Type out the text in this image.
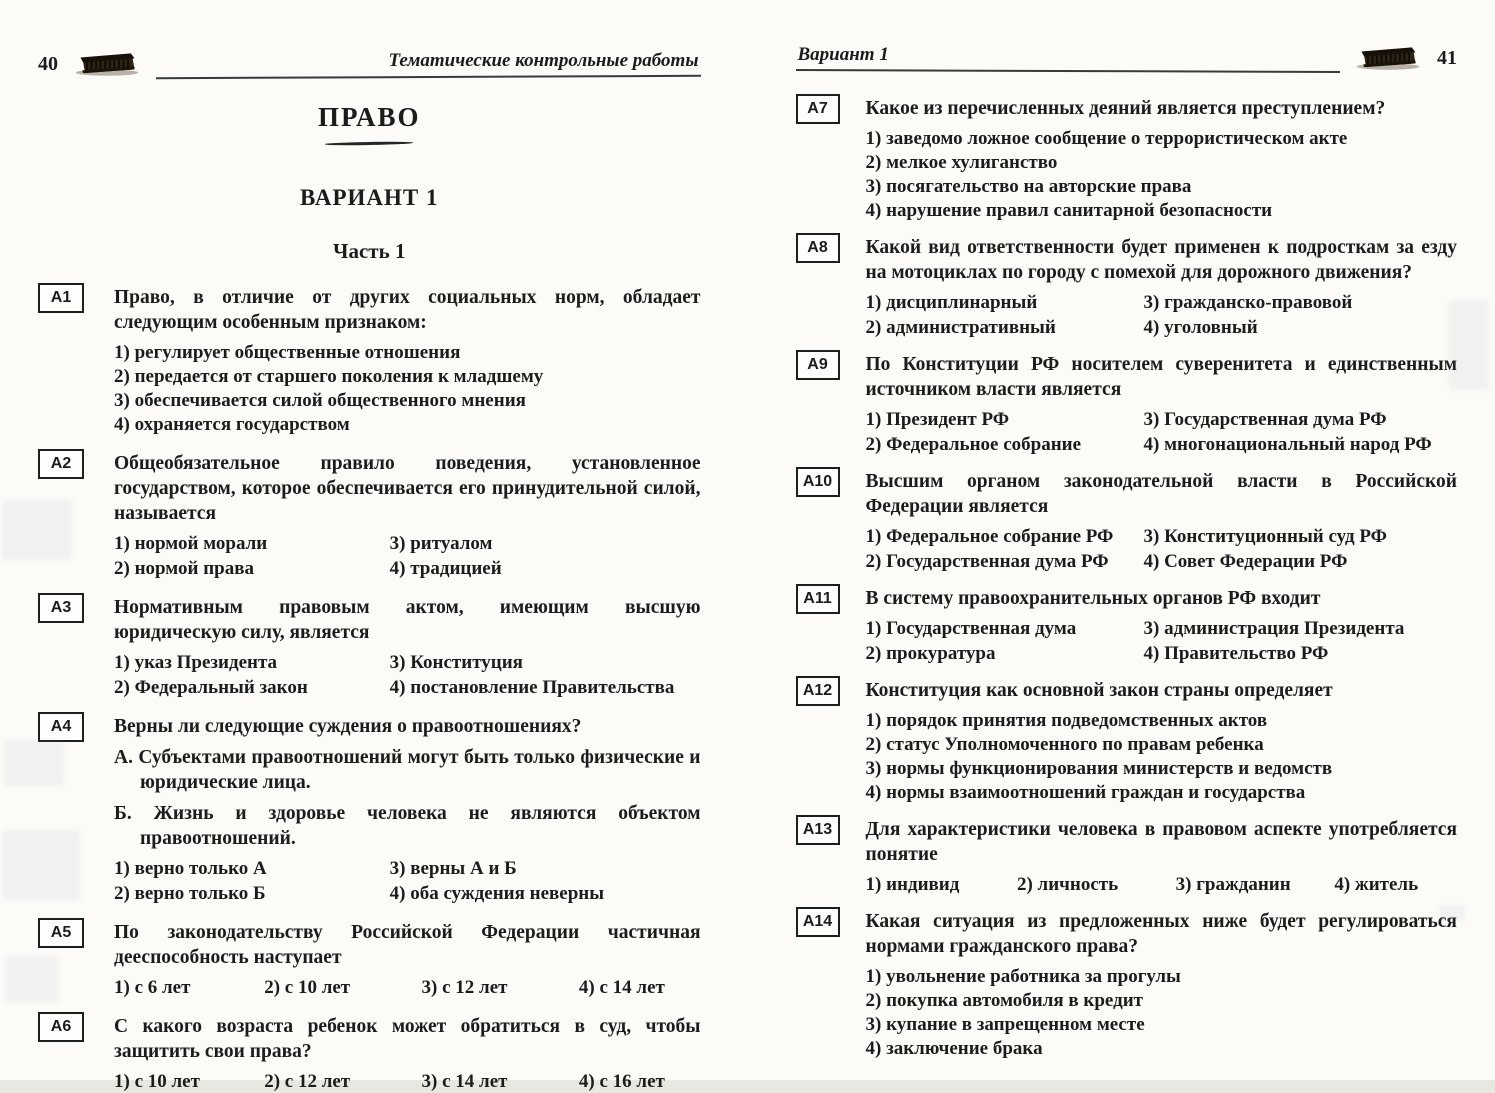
40	Тематические контрольные работы
ПРАВО
ВАРИАНТ 1
Часть 1
А1	Право, в отличие от других социальных норм, обладает следующим особенным признаком:

1) регулирует общественные отношения
2) передается от старшего поколения к младшему
3) обеспечивается силой общественного мнения
4) охраняется государством
А2	Общеобязательное правило поведения, установленное государством, которое обеспечивается его принудительной силой, называется

1) нормой морали
2) нормой права
3) ритуалом
4) традицией
А3	Нормативным правовым актом, имеющим высшую юридическую силу, является

1) указ Президента
2) Федеральный закон
3) Конституция
4) постановление Правительства
А4	Верны ли следующие суждения о правоотношениях?

А. Субъектами правоотношений могут быть только физические и юридические лица.

Б. Жизнь и здоровье человека не являются объектом правоотношений.

1) верно только А
2) верно только Б
3) верны А и Б
4) оба суждения неверны
А5	По законодательству Российской Федерации частичная дееспособность наступает

1) с 6 лет	2) с 10 лет	3) с 12 лет	4) с 14 лет
А6	С какого возраста ребенок может обратиться в суд, чтобы защитить свои права?

1) с 10 лет	2) с 12 лет	3) с 14 лет	4) с 16 лет
Вариант 1	41
А7	Какое из перечисленных деяний является преступлением?

1) заведомо ложное сообщение о террористическом акте
2) мелкое хулиганство
3) посягательство на авторские права
4) нарушение правил санитарной безопасности
А8	Какой вид ответственности будет применен к подросткам за езду на мотоциклах по городу с помехой для дорожного движения?

1) дисциплинарный
2) административный
3) гражданско-правовой
4) уголовный
А9	По Конституции РФ носителем суверенитета и единственным источником власти является

1) Президент РФ
2) Федеральное собрание
3) Государственная дума РФ
4) многонациональный народ РФ
А10	Высшим органом законодательной власти в Российской Федерации является

1) Федеральное собрание РФ
2) Государственная дума РФ
3) Конституционный суд РФ
4) Совет Федерации РФ
А11	В систему правоохранительных органов РФ входит

1) Государственная дума
2) прокуратура
3) администрация Президента
4) Правительство РФ
А12	Конституция как основной закон страны определяет

1) порядок принятия подведомственных актов
2) статус Уполномоченного по правам ребенка
3) нормы функционирования министерств и ведомств
4) нормы взаимоотношений граждан и государства
А13	Для характеристики человека в правовом аспекте употребляется понятие

1) индивид	2) личность	3) гражданин	4) житель
А14	Какая ситуация из предложенных ниже будет регулироваться нормами гражданского права?

1) увольнение работника за прогулы
2) покупка автомобиля в кредит
3) купание в запрещенном месте
4) заключение брака
